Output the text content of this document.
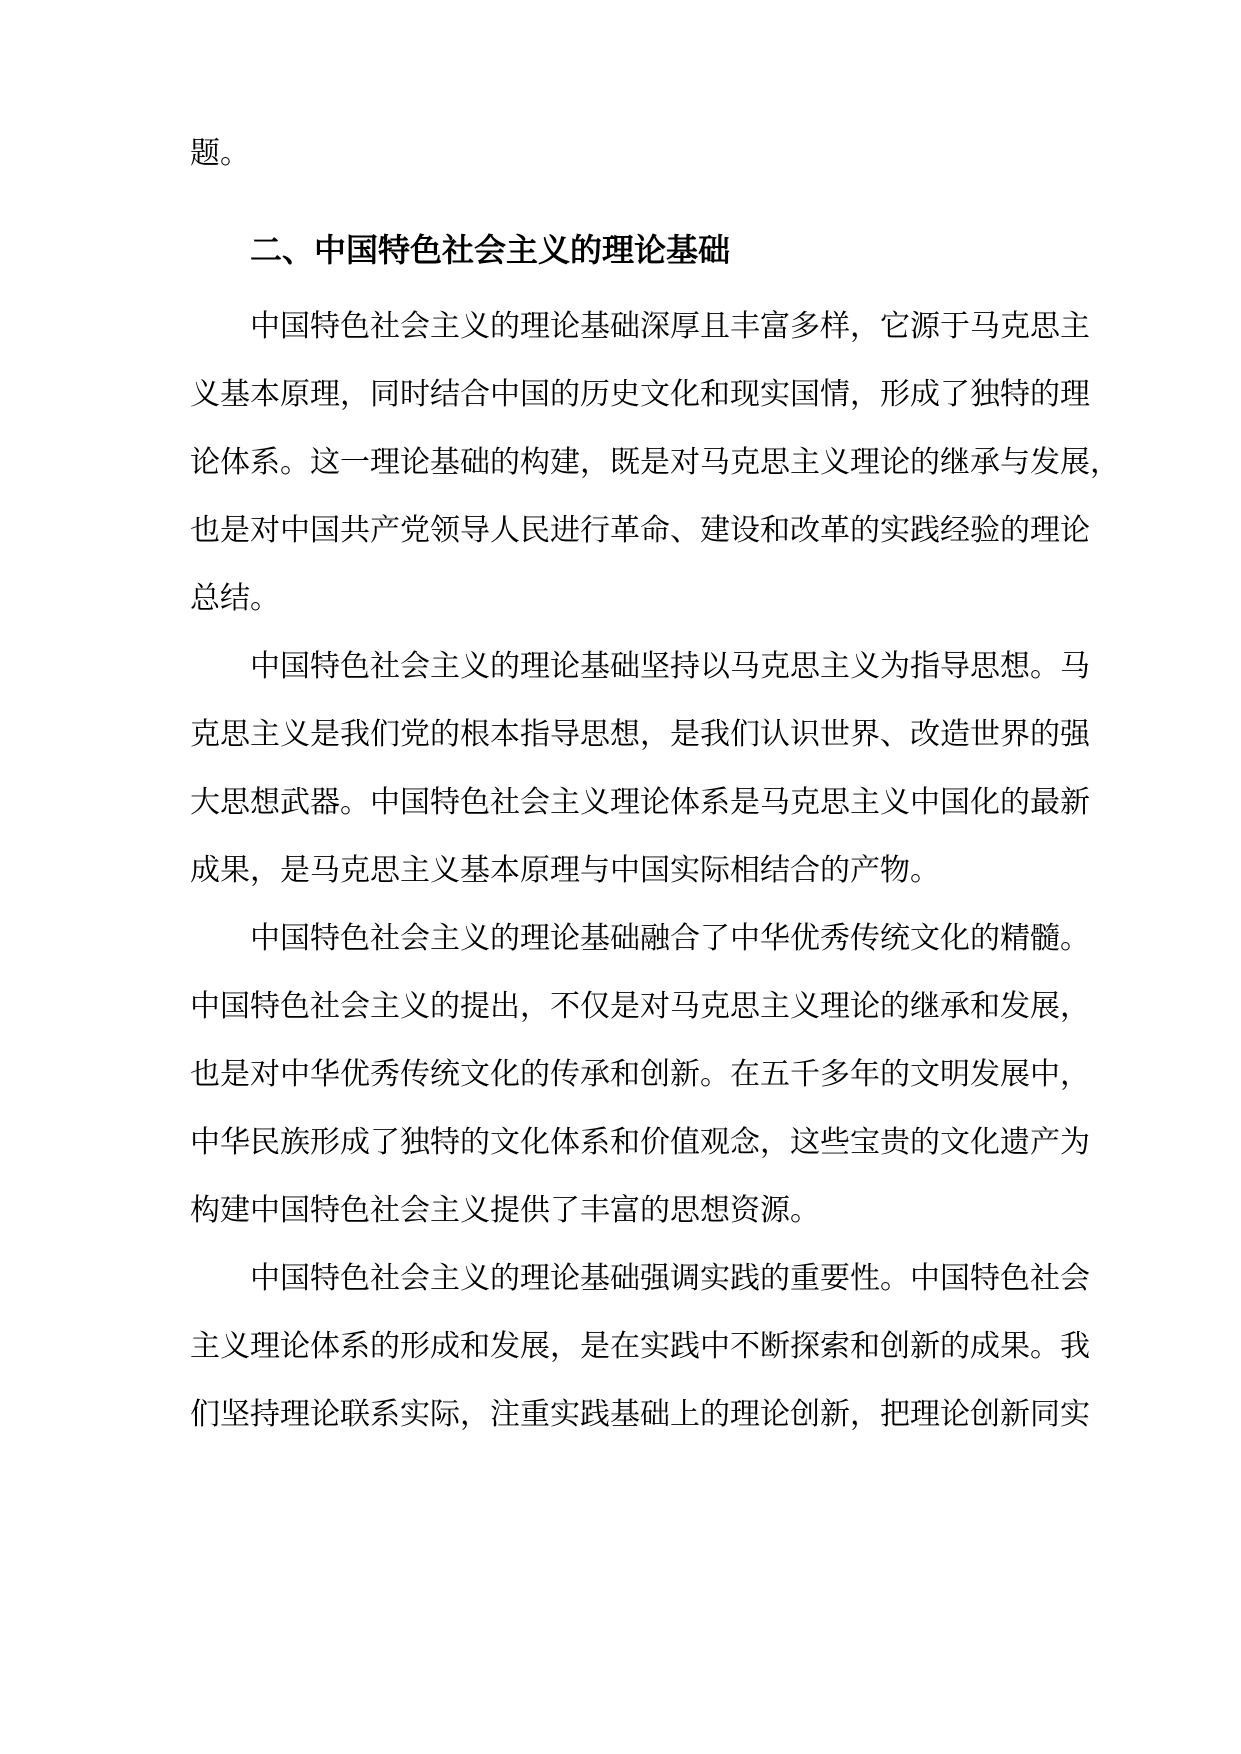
题。
二、中国特色社会主义的理论基础
中国特色社会主义的理论基础深厚且丰富多样，它源于马克思主
义基本原理，同时结合中国的历史文化和现实国情，形成了独特的理
论体系。这一理论基础的构建，既是对马克思主义理论的继承与发展，
也是对中国共产党领导人民进行革命、建设和改革的实践经验的理论
总结。
中国特色社会主义的理论基础坚持以马克思主义为指导思想。马
克思主义是我们党的根本指导思想，是我们认识世界、改造世界的强
大思想武器。中国特色社会主义理论体系是马克思主义中国化的最新
成果，是马克思主义基本原理与中国实际相结合的产物。
中国特色社会主义的理论基础融合了中华优秀传统文化的精髓。
中国特色社会主义的提出，不仅是对马克思主义理论的继承和发展，
也是对中华优秀传统文化的传承和创新。在五千多年的文明发展中，
中华民族形成了独特的文化体系和价值观念，这些宝贵的文化遗产为
构建中国特色社会主义提供了丰富的思想资源。
中国特色社会主义的理论基础强调实践的重要性。中国特色社会
主义理论体系的形成和发展，是在实践中不断探索和创新的成果。我
们坚持理论联系实际，注重实践基础上的理论创新，把理论创新同实
